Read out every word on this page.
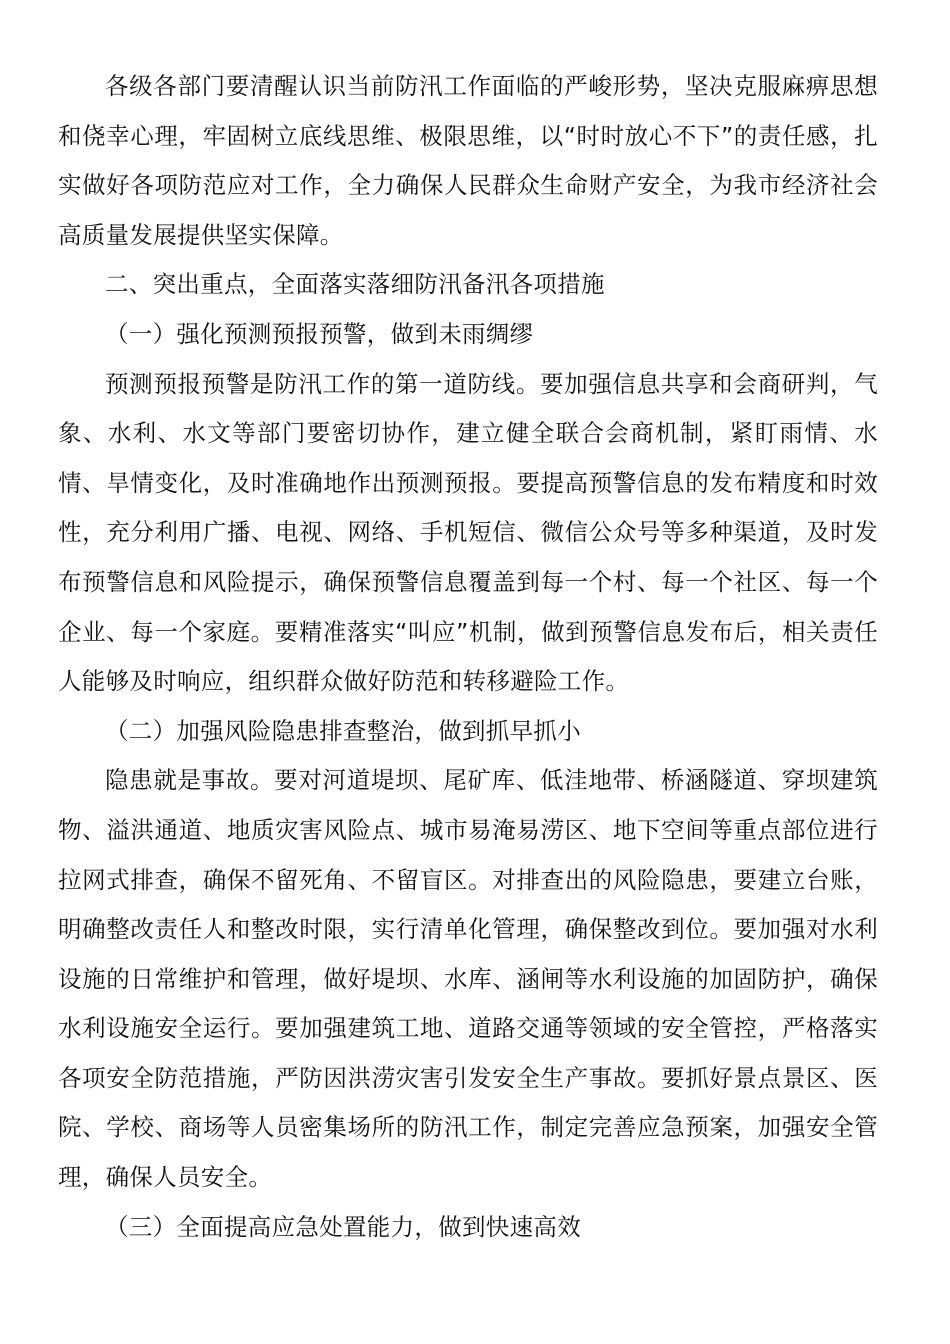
各级各部门要清醒认识当前防汛工作面临的严峻形势，坚决克服麻痹思想和侥幸心理，牢固树立底线思维、极限思维，以“时时放心不下”的责任感，扎实做好各项防范应对工作，全力确保人民群众生命财产安全，为我市经济社会高质量发展提供坚实保障。

二、突出重点，全面落实落细防汛备汛各项措施

（一）强化预测预报预警，做到未雨绸缪

预测预报预警是防汛工作的第一道防线。要加强信息共享和会商研判，气象、水利、水文等部门要密切协作，建立健全联合会商机制，紧盯雨情、水情、旱情变化，及时准确地作出预测预报。要提高预警信息的发布精度和时效性，充分利用广播、电视、网络、手机短信、微信公众号等多种渠道，及时发布预警信息和风险提示，确保预警信息覆盖到每一个村、每一个社区、每一个企业、每一个家庭。要精准落实“叫应”机制，做到预警信息发布后，相关责任人能够及时响应，组织群众做好防范和转移避险工作。

（二）加强风险隐患排查整治，做到抓早抓小

隐患就是事故。要对河道堤坝、尾矿库、低洼地带、桥涵隧道、穿坝建筑物、溢洪通道、地质灾害风险点、城市易淹易涝区、地下空间等重点部位进行拉网式排查，确保不留死角、不留盲区。对排查出的风险隐患，要建立台账，明确整改责任人和整改时限，实行清单化管理，确保整改到位。要加强对水利设施的日常维护和管理，做好堤坝、水库、涵闸等水利设施的加固防护，确保水利设施安全运行。要加强建筑工地、道路交通等领域的安全管控，严格落实各项安全防范措施，严防因洪涝灾害引发安全生产事故。要抓好景点景区、医院、学校、商场等人员密集场所的防汛工作，制定完善应急预案，加强安全管理，确保人员安全。

（三）全面提高应急处置能力，做到快速高效
